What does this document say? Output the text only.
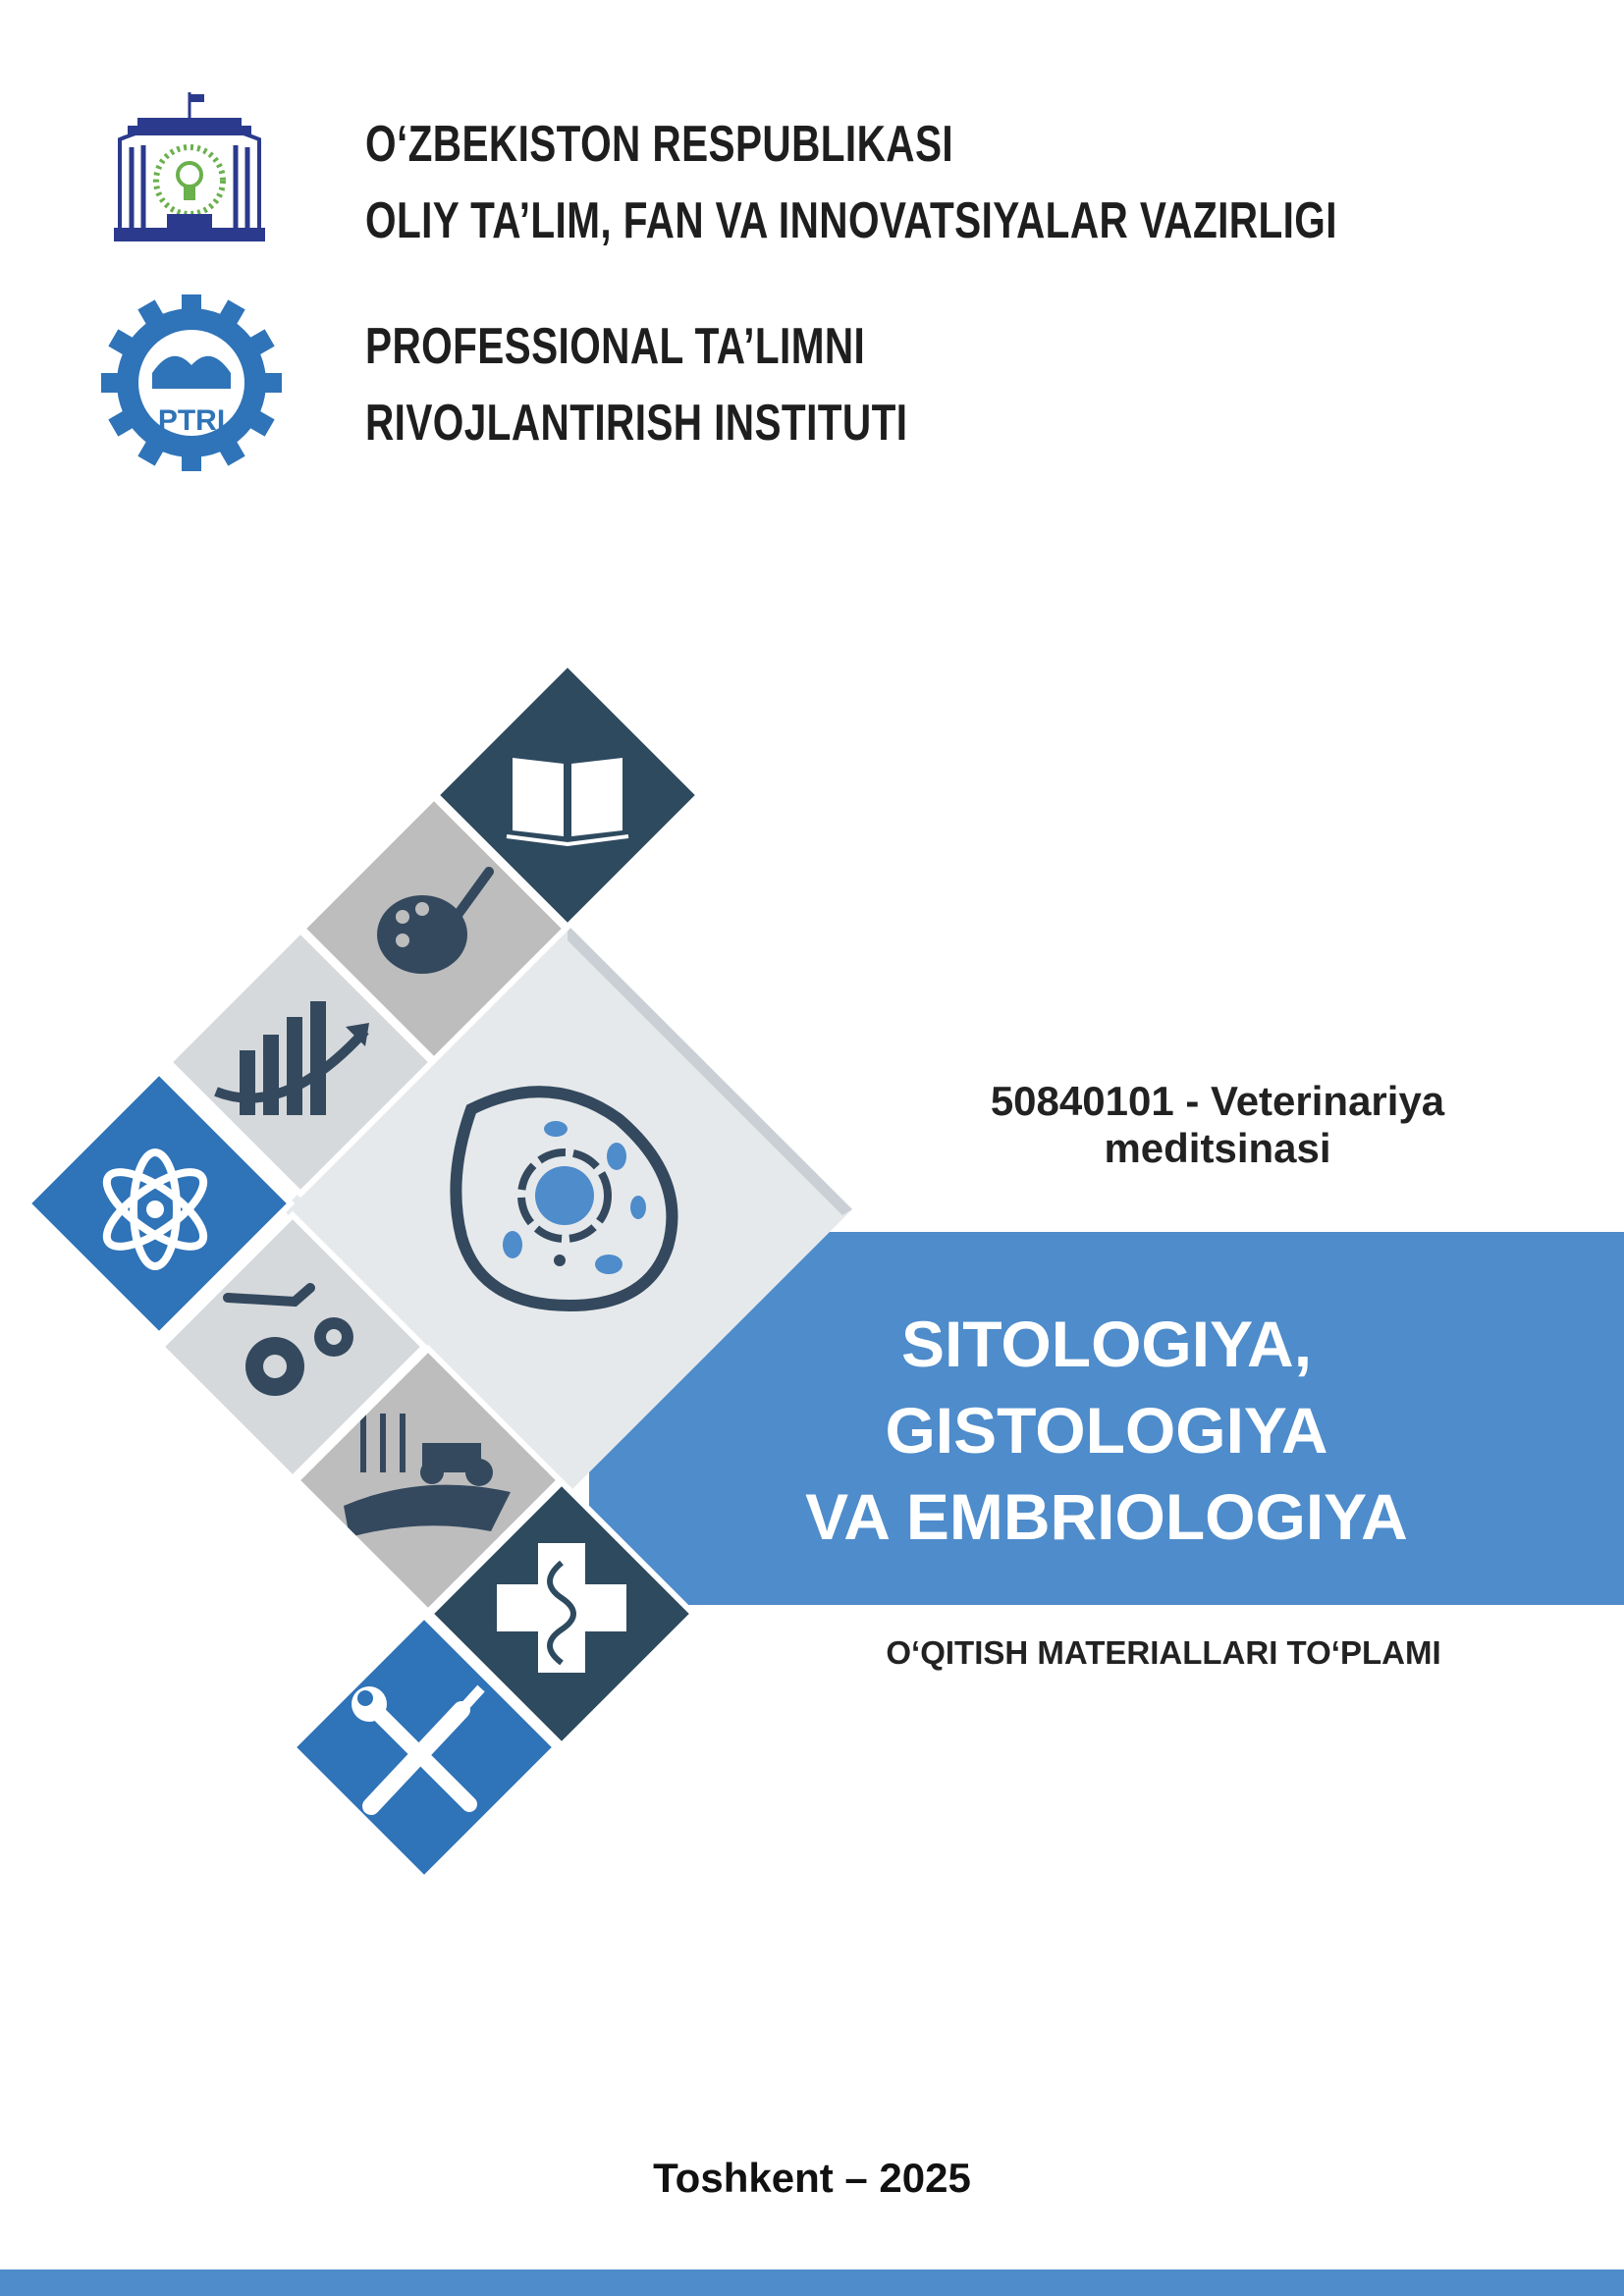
PTRI
O‘ZBEKISTON RESPUBLIKASI
OLIY TA’LIM, FAN VA INNOVATSIYALAR VAZIRLIGI
PROFESSIONAL TA’LIMNI
RIVOJLANTIRISH INSTITUTI
50840101 - Veterinariya
meditsinasi
SITOLOGIYA,
GISTOLOGIYA
VA EMBRIOLOGIYA
O‘QITISH MATERIALLARI TO‘PLAMI
Toshkent – 2025
